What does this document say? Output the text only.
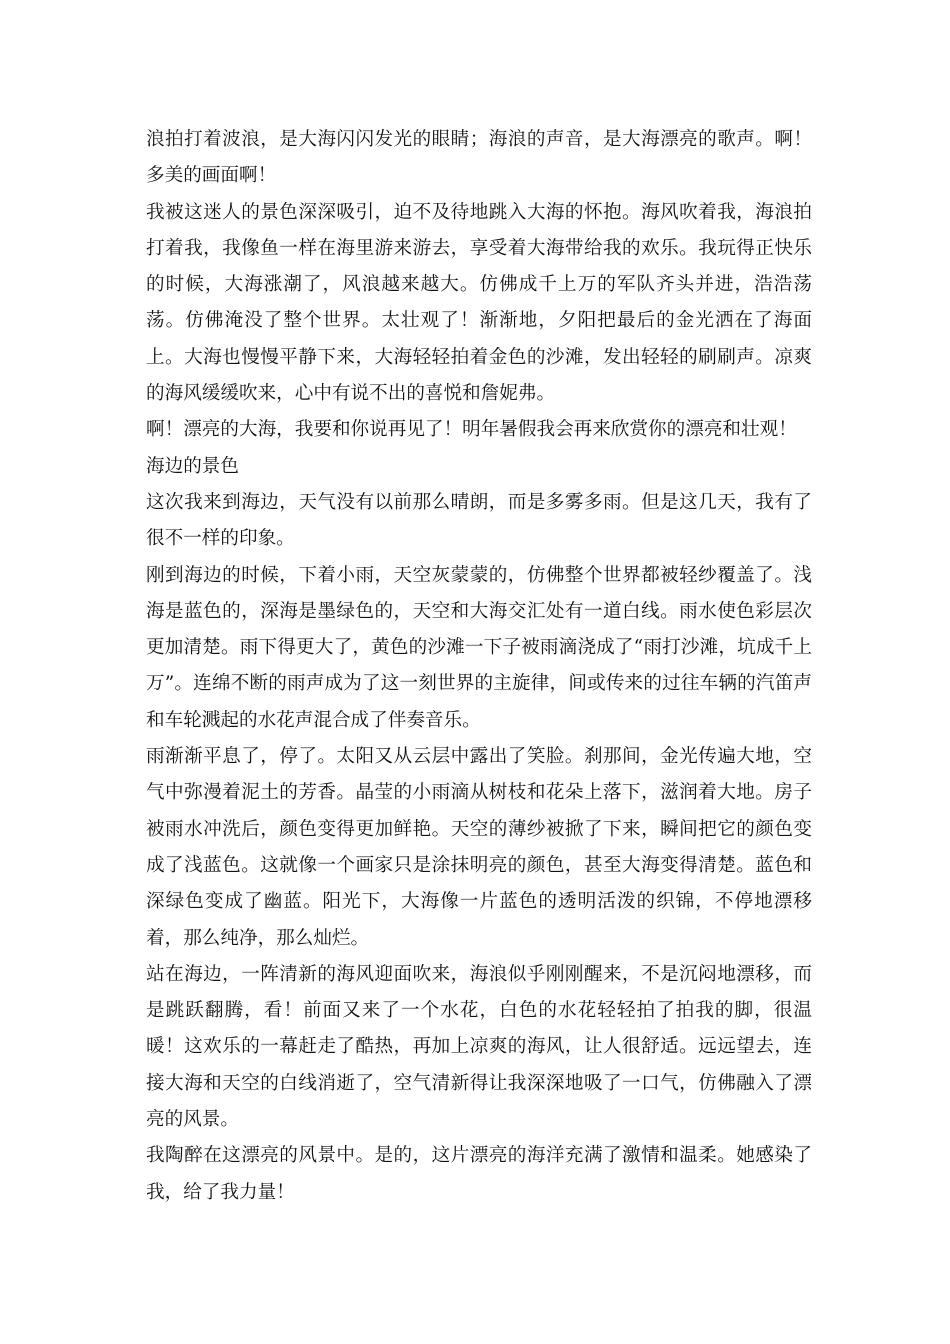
浪拍打着波浪，是大海闪闪发光的眼睛；海浪的声音，是大海漂亮的歌声。啊！多美的画面啊！

我被这迷人的景色深深吸引，迫不及待地跳入大海的怀抱。海风吹着我，海浪拍打着我，我像鱼一样在海里游来游去，享受着大海带给我的欢乐。我玩得正快乐的时候，大海涨潮了，风浪越来越大。仿佛成千上万的军队齐头并进，浩浩荡荡。仿佛淹没了整个世界。太壮观了！渐渐地，夕阳把最后的金光洒在了海面上。大海也慢慢平静下来，大海轻轻拍着金色的沙滩，发出轻轻的刷刷声。凉爽的海风缓缓吹来，心中有说不出的喜悦和詹妮弗。

啊！漂亮的大海，我要和你说再见了！明年暑假我会再来欣赏你的漂亮和壮观！

海边的景色

这次我来到海边，天气没有以前那么晴朗，而是多雾多雨。但是这几天，我有了很不一样的印象。

刚到海边的时候，下着小雨，天空灰蒙蒙的，仿佛整个世界都被轻纱覆盖了。浅海是蓝色的，深海是墨绿色的，天空和大海交汇处有一道白线。雨水使色彩层次更加清楚。雨下得更大了，黄色的沙滩一下子被雨滴浇成了“雨打沙滩，坑成千上万”。连绵不断的雨声成为了这一刻世界的主旋律，间或传来的过往车辆的汽笛声和车轮溅起的水花声混合成了伴奏音乐。

雨渐渐平息了，停了。太阳又从云层中露出了笑脸。刹那间，金光传遍大地，空气中弥漫着泥土的芳香。晶莹的小雨滴从树枝和花朵上落下，滋润着大地。房子被雨水冲洗后，颜色变得更加鲜艳。天空的薄纱被掀了下来，瞬间把它的颜色变成了浅蓝色。这就像一个画家只是涂抹明亮的颜色，甚至大海变得清楚。蓝色和深绿色变成了幽蓝。阳光下，大海像一片蓝色的透明活泼的织锦，不停地漂移着，那么纯净，那么灿烂。

站在海边，一阵清新的海风迎面吹来，海浪似乎刚刚醒来，不是沉闷地漂移，而是跳跃翻腾，看！前面又来了一个水花，白色的水花轻轻拍了拍我的脚，很温暖！这欢乐的一幕赶走了酷热，再加上凉爽的海风，让人很舒适。远远望去，连接大海和天空的白线消逝了，空气清新得让我深深地吸了一口气，仿佛融入了漂亮的风景。

我陶醉在这漂亮的风景中。是的，这片漂亮的海洋充满了激情和温柔。她感染了我，给了我力量！
